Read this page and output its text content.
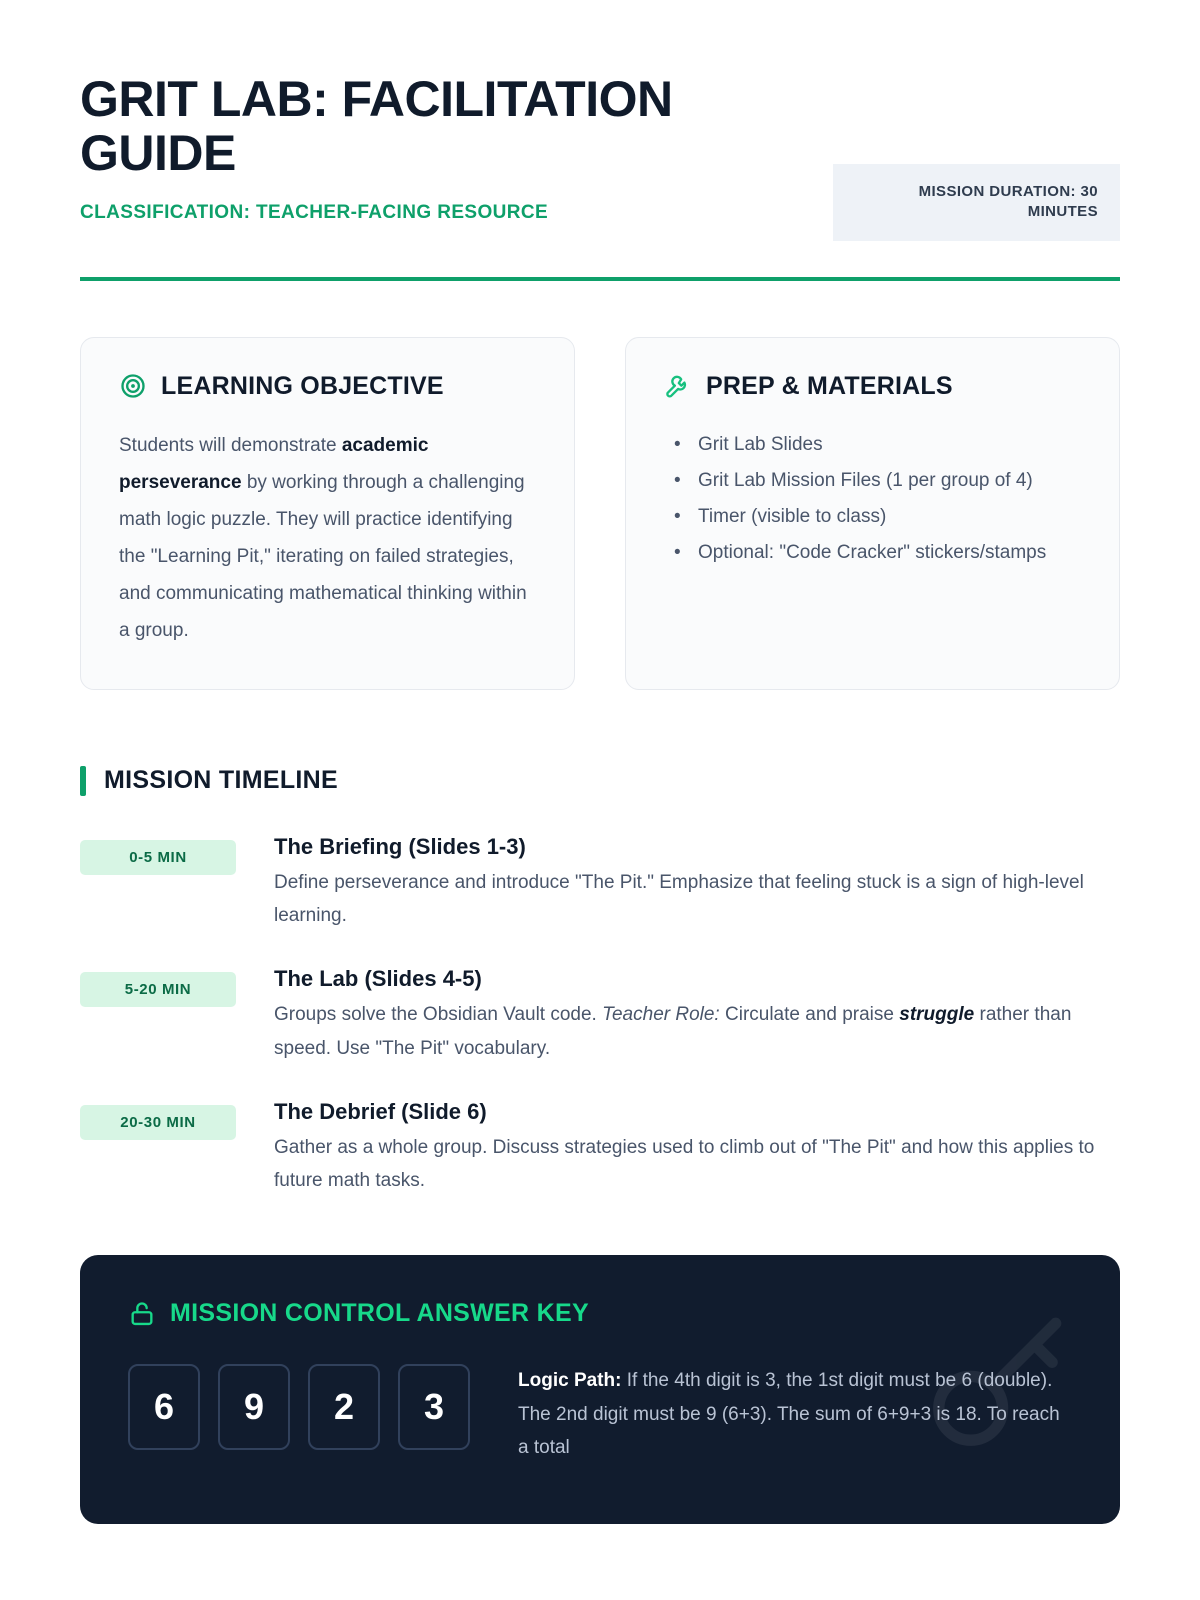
GRIT LAB: FACILITATION GUIDE
CLASSIFICATION: TEACHER-FACING RESOURCE
MISSION DURATION: 30 MINUTES
LEARNING OBJECTIVE
Students will demonstrate academic perseverance by working through a challenging math logic puzzle. They will practice identifying the "Learning Pit," iterating on failed strategies, and communicating mathematical thinking within a group.
PREP & MATERIALS
• Grit Lab Slides
• Grit Lab Mission Files (1 per group of 4)
• Timer (visible to class)
• Optional: "Code Cracker" stickers/stamps
MISSION TIMELINE
0-5 MIN	The Briefing (Slides 1-3)
Define perseverance and introduce "The Pit." Emphasize that feeling stuck is a sign of high-level learning.
5-20 MIN	The Lab (Slides 4-5)
Groups solve the Obsidian Vault code. Teacher Role: Circulate and praise struggle rather than speed. Use "The Pit" vocabulary.
20-30 MIN	The Debrief (Slide 6)
Gather as a whole group. Discuss strategies used to climb out of "The Pit" and how this applies to future math tasks.
MISSION CONTROL ANSWER KEY
6	9	2	3
Logic Path: If the 4th digit is 3, the 1st digit must be 6 (double). The 2nd digit must be 9 (6+3). The sum of 6+9+3 is 18. To reach a total
